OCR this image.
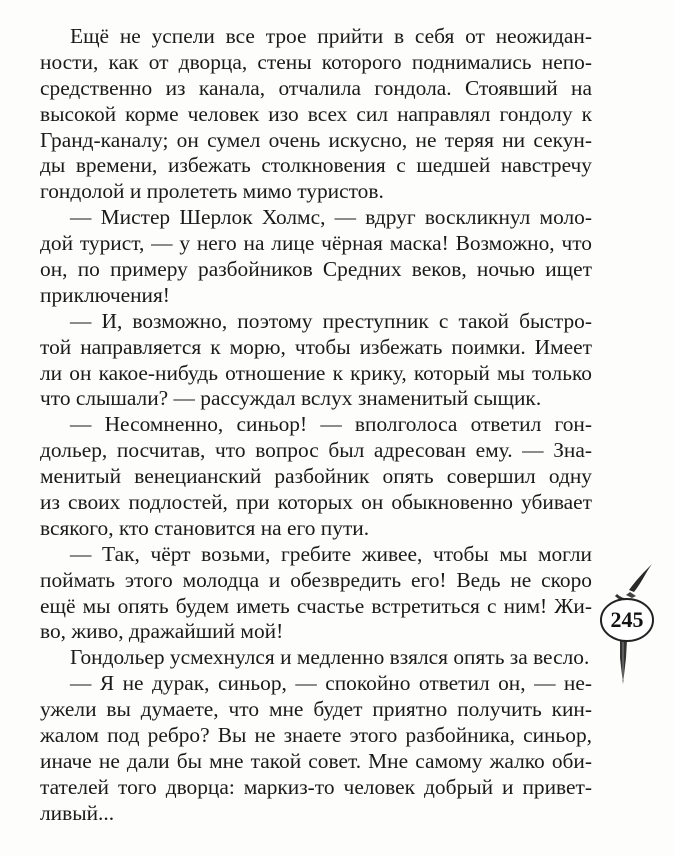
Ещё не успели все трое прийти в себя от неожидан-
ности, как от дворца, стены которого поднимались непо-
средственно из канала, отчалила гондола. Стоявший на
высокой корме человек изо всех сил направлял гондолу к
Гранд-каналу; он сумел очень искусно, не теряя ни секун-
ды времени, избежать столкновения с шедшей навстречу
гондолой и пролететь мимо туристов.
— Мистер Шерлок Холмс, — вдруг воскликнул моло-
дой турист, — у него на лице чёрная маска! Возможно, что
он, по примеру разбойников Средних веков, ночью ищет
приключения!
— И, возможно, поэтому преступник с такой быстро-
той направляется к морю, чтобы избежать поимки. Имеет
ли он какое-нибудь отношение к крику, который мы только
что слышали? — рассуждал вслух знаменитый сыщик.
— Несомненно, синьор! — вполголоса ответил гон-
дольер, посчитав, что вопрос был адресован ему. — Зна-
менитый венецианский разбойник опять совершил одну
из своих подлостей, при которых он обыкновенно убивает
всякого, кто становится на его пути.
— Так, чёрт возьми, гребите живее, чтобы мы могли
поймать этого молодца и обезвредить его! Ведь не скоро
ещё мы опять будем иметь счастье встретиться с ним! Жи-
во, живо, дражайший мой!
Гондольер усмехнулся и медленно взялся опять за весло.
— Я не дурак, синьор, — спокойно ответил он, — не-
ужели вы думаете, что мне будет приятно получить кин-
жалом под ребро? Вы не знаете этого разбойника, синьор,
иначе не дали бы мне такой совет. Мне самому жалко оби-
тателей того дворца: маркиз-то человек добрый и привет-
ливый...
245
